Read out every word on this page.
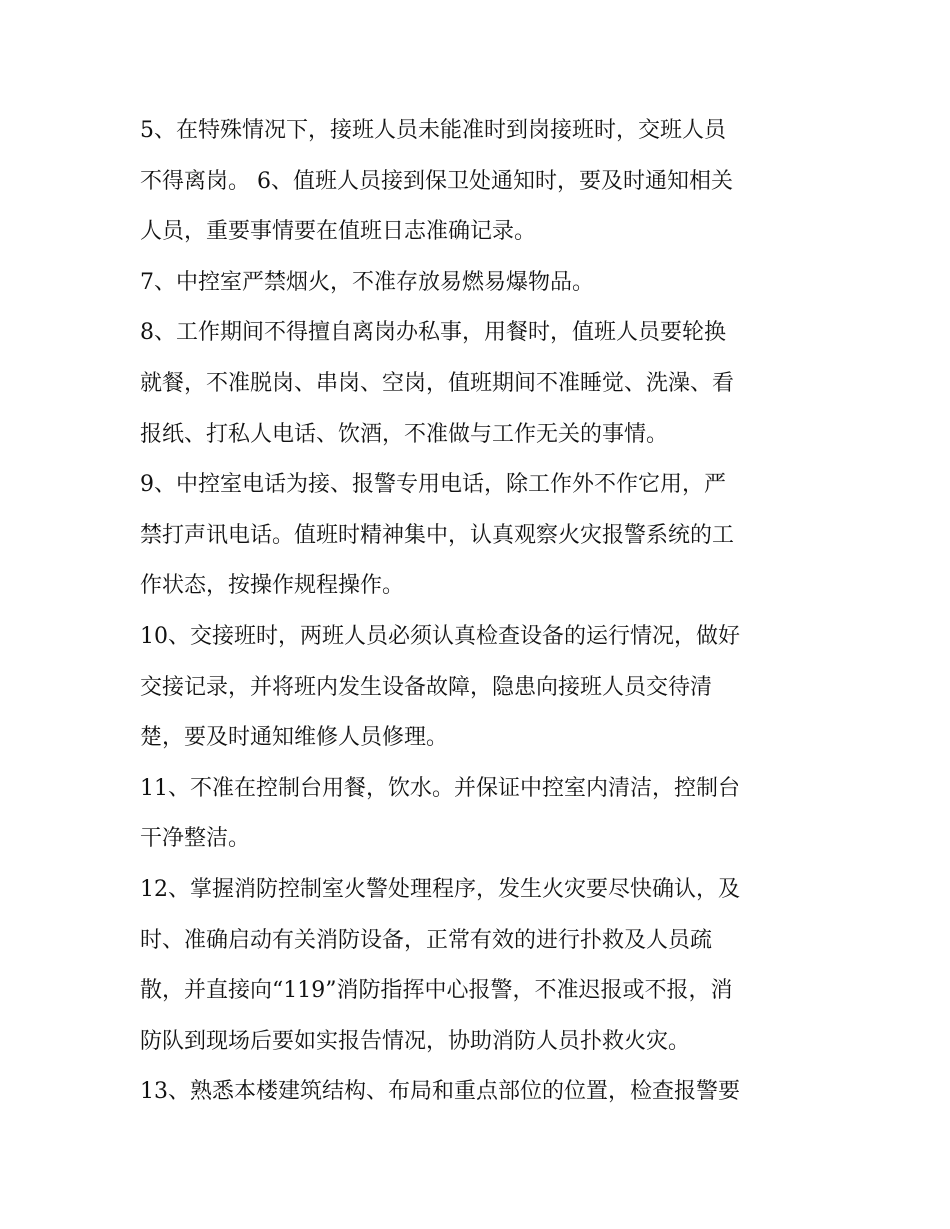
5、在特殊情况下，接班人员未能准时到岗接班时，交班人员
不得离岗。 6、值班人员接到保卫处通知时，要及时通知相关
人员，重要事情要在值班日志准确记录。

7、中控室严禁烟火，不准存放易燃易爆物品。

8、工作期间不得擅自离岗办私事，用餐时，值班人员要轮换
就餐，不准脱岗、串岗、空岗，值班期间不准睡觉、洗澡、看
报纸、打私人电话、饮酒，不准做与工作无关的事情。

9、中控室电话为接、报警专用电话，除工作外不作它用，严
禁打声讯电话。值班时精神集中，认真观察火灾报警系统的工
作状态，按操作规程操作。

10、交接班时，两班人员必须认真检查设备的运行情况，做好
交接记录，并将班内发生设备故障，隐患向接班人员交待清
楚，要及时通知维修人员修理。

11、不准在控制台用餐，饮水。并保证中控室内清洁，控制台
干净整洁。

12、掌握消防控制室火警处理程序，发生火灾要尽快确认，及
时、准确启动有关消防设备，正常有效的进行扑救及人员疏
散，并直接向“119”消防指挥中心报警，不准迟报或不报，消
防队到现场后要如实报告情况，协助消防人员扑救火灾。

13、熟悉本楼建筑结构、布局和重点部位的位置，检查报警要
